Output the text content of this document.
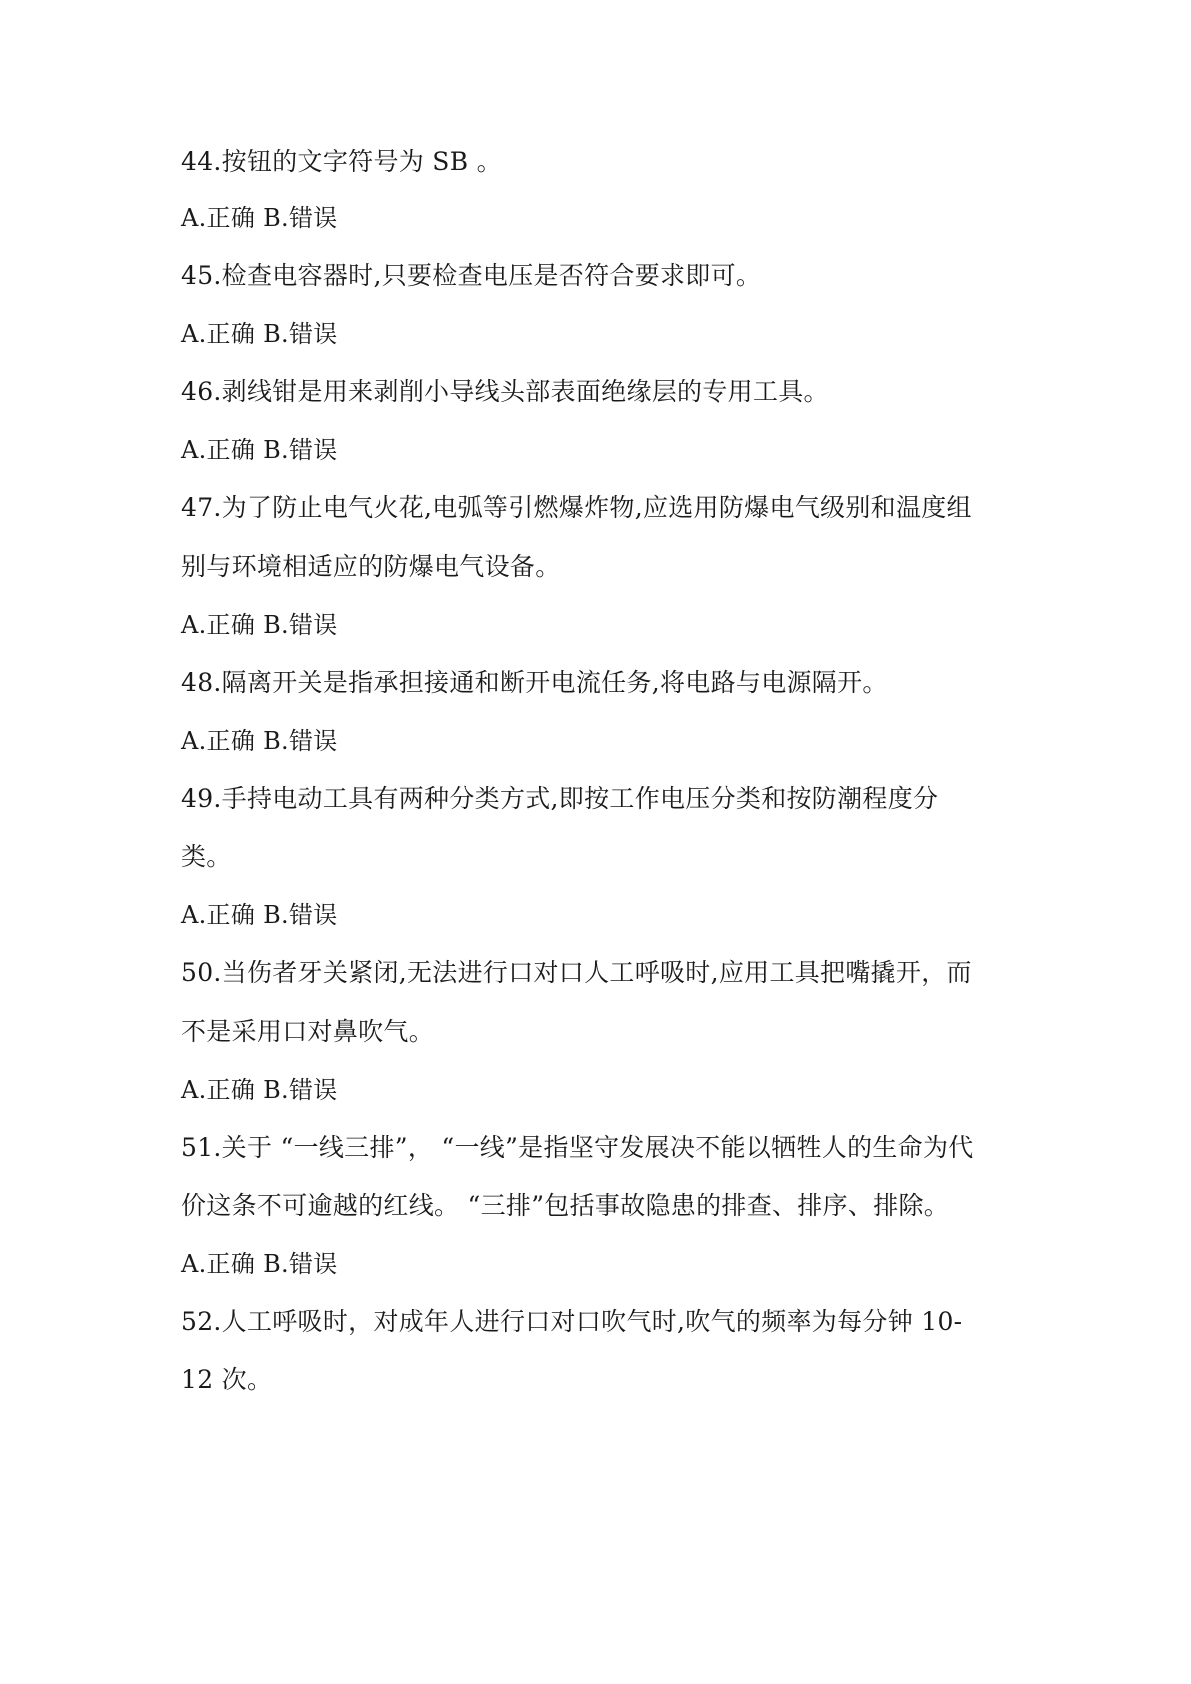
44.按钮的文字符号为 SB 。
A.正确 B.错误
45.检查电容器时,只要检查电压是否符合要求即可。
A.正确 B.错误
46.剥线钳是用来剥削小导线头部表面绝缘层的专用工具。
A.正确 B.错误
47.为了防止电气火花,电弧等引燃爆炸物,应选用防爆电气级别和温度组
别与环境相适应的防爆电气设备。
A.正确 B.错误
48.隔离开关是指承担接通和断开电流任务,将电路与电源隔开。
A.正确 B.错误
49.手持电动工具有两种分类方式,即按工作电压分类和按防潮程度分
类。
A.正确 B.错误
50.当伤者牙关紧闭,无法进行口对口人工呼吸时,应用工具把嘴撬开，而
不是采用口对鼻吹气。
A.正确 B.错误
51.关于 “一线三排”， “一线”是指坚守发展决不能以牺牲人的生命为代
价这条不可逾越的红线。 “三排”包括事故隐患的排查、排序、排除。
A.正确 B.错误
52.人工呼吸时，对成年人进行口对口吹气时,吹气的频率为每分钟 10-
12 次。
